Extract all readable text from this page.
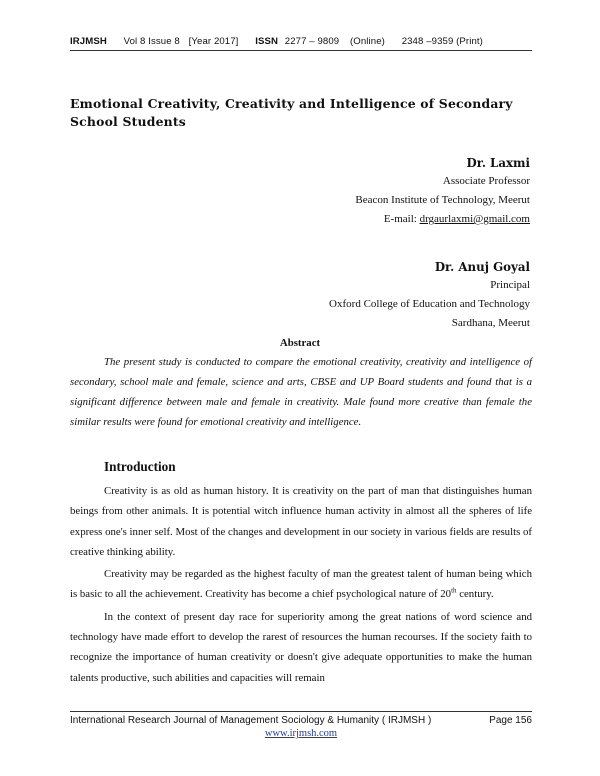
IRJMSH Vol 8 Issue 8 [Year 2017] ISSN 2277 – 9809 (Online) 2348 –9359 (Print)
Emotional Creativity, Creativity and Intelligence of Secondary School Students
Dr. Laxmi
Associate Professor
Beacon Institute of Technology, Meerut
E-mail: drgaurlaxmi@gmail.com
Dr. Anuj Goyal
Principal
Oxford College of Education and Technology
Sardhana, Meerut
Abstract
The present study is conducted to compare the emotional creativity, creativity and intelligence of secondary, school male and female, science and arts, CBSE and UP Board students and found that is a significant difference between male and female in creativity. Male found more creative than female the similar results were found for emotional creativity and intelligence.
Introduction

Creativity is as old as human history. It is creativity on the part of man that distinguishes human beings from other animals. It is potential witch influence human activity in almost all the spheres of life express one's inner self. Most of the changes and development in our society in various fields are results of creative thinking ability.

Creativity may be regarded as the highest faculty of man the greatest talent of human being which is basic to all the achievement. Creativity has become a chief psychological nature of 20th century.

In the context of present day race for superiority among the great nations of word science and technology have made effort to develop the rarest of resources the human recourses. If the society faith to recognize the importance of human creativity or doesn't give adequate opportunities to make the human talents productive, such abilities and capacities will remain

International Research Journal of Management Sociology & Humanity ( IRJMSH )	Page 156
www.irjmsh.com
